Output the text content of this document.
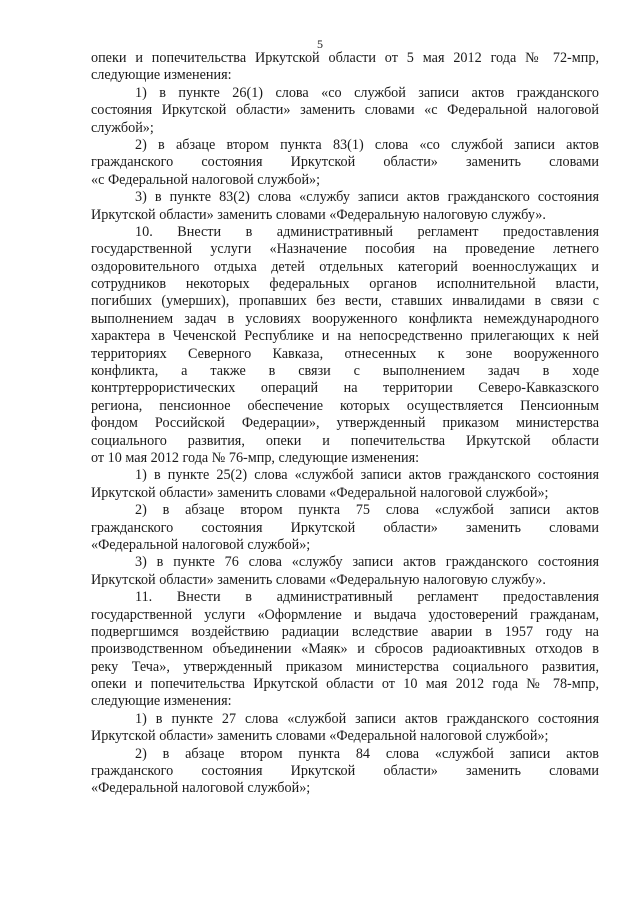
5
опеки и попечительства Иркутской области от 5 мая 2012 года № 72-мпр,
следующие изменения:
1) в пункте 26(1) слова «со службой записи актов гражданского
состояния Иркутской области» заменить словами «с Федеральной налоговой
службой»;
2) в абзаце втором пункта 83(1) слова «со службой записи актов
гражданского состояния Иркутской области» заменить словами
«с Федеральной налоговой службой»;
3) в пункте 83(2) слова «службу записи актов гражданского состояния
Иркутской области» заменить словами «Федеральную налоговую службу».
10. Внести в административный регламент предоставления
государственной услуги «Назначение пособия на проведение летнего
оздоровительного отдыха детей отдельных категорий военнослужащих и
сотрудников некоторых федеральных органов исполнительной власти,
погибших (умерших), пропавших без вести, ставших инвалидами в связи с
выполнением задач в условиях вооруженного конфликта немеждународного
характера в Чеченской Республике и на непосредственно прилегающих к ней
территориях Северного Кавказа, отнесенных к зоне вооруженного
конфликта, а также в связи с выполнением задач в ходе
контртеррористических операций на территории Северо-Кавказского
региона, пенсионное обеспечение которых осуществляется Пенсионным
фондом Российской Федерации», утвержденный приказом министерства
социального развития, опеки и попечительства Иркутской области
от 10 мая 2012 года № 76-мпр, следующие изменения:
1) в пункте 25(2) слова «службой записи актов гражданского состояния
Иркутской области» заменить словами «Федеральной налоговой службой»;
2) в абзаце втором пункта 75 слова «службой записи актов
гражданского состояния Иркутской области» заменить словами
«Федеральной налоговой службой»;
3) в пункте 76 слова «службу записи актов гражданского состояния
Иркутской области» заменить словами «Федеральную налоговую службу».
11. Внести в административный регламент предоставления
государственной услуги «Оформление и выдача удостоверений гражданам,
подвергшимся воздействию радиации вследствие аварии в 1957 году на
производственном объединении «Маяк» и сбросов радиоактивных отходов в
реку Теча», утвержденный приказом министерства социального развития,
опеки и попечительства Иркутской области от 10 мая 2012 года № 78-мпр,
следующие изменения:
1) в пункте 27 слова «службой записи актов гражданского состояния
Иркутской области» заменить словами «Федеральной налоговой службой»;
2) в абзаце втором пункта 84 слова «службой записи актов
гражданского состояния Иркутской области» заменить словами
«Федеральной налоговой службой»;
